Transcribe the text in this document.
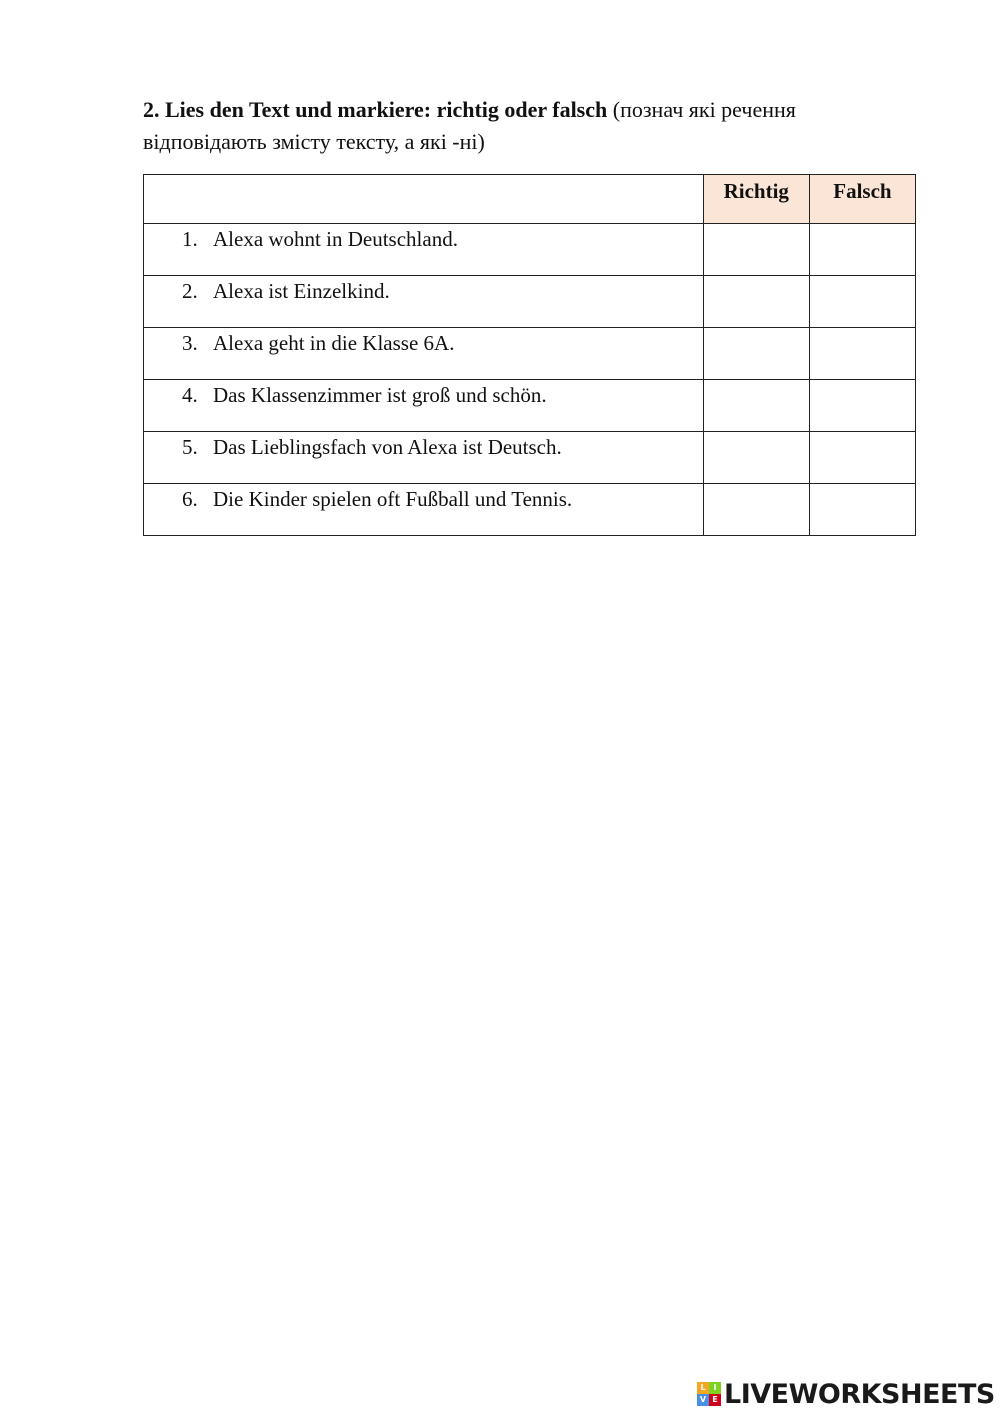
2. Lies den Text und markiere: richtig oder falsch (познач які речення відповідають змісту тексту, а які -ні)
	Richtig	Falsch
1. Alexa wohnt in Deutschland.		
2. Alexa ist Einzelkind.		
3. Alexa geht in die Klasse 6A.		
4. Das Klassenzimmer ist groß und schön.		
5. Das Lieblingsfach von Alexa ist Deutsch.		
6. Die Kinder spielen oft Fußball und Tennis.		
L I
V E LIVEWORKSHEETS
